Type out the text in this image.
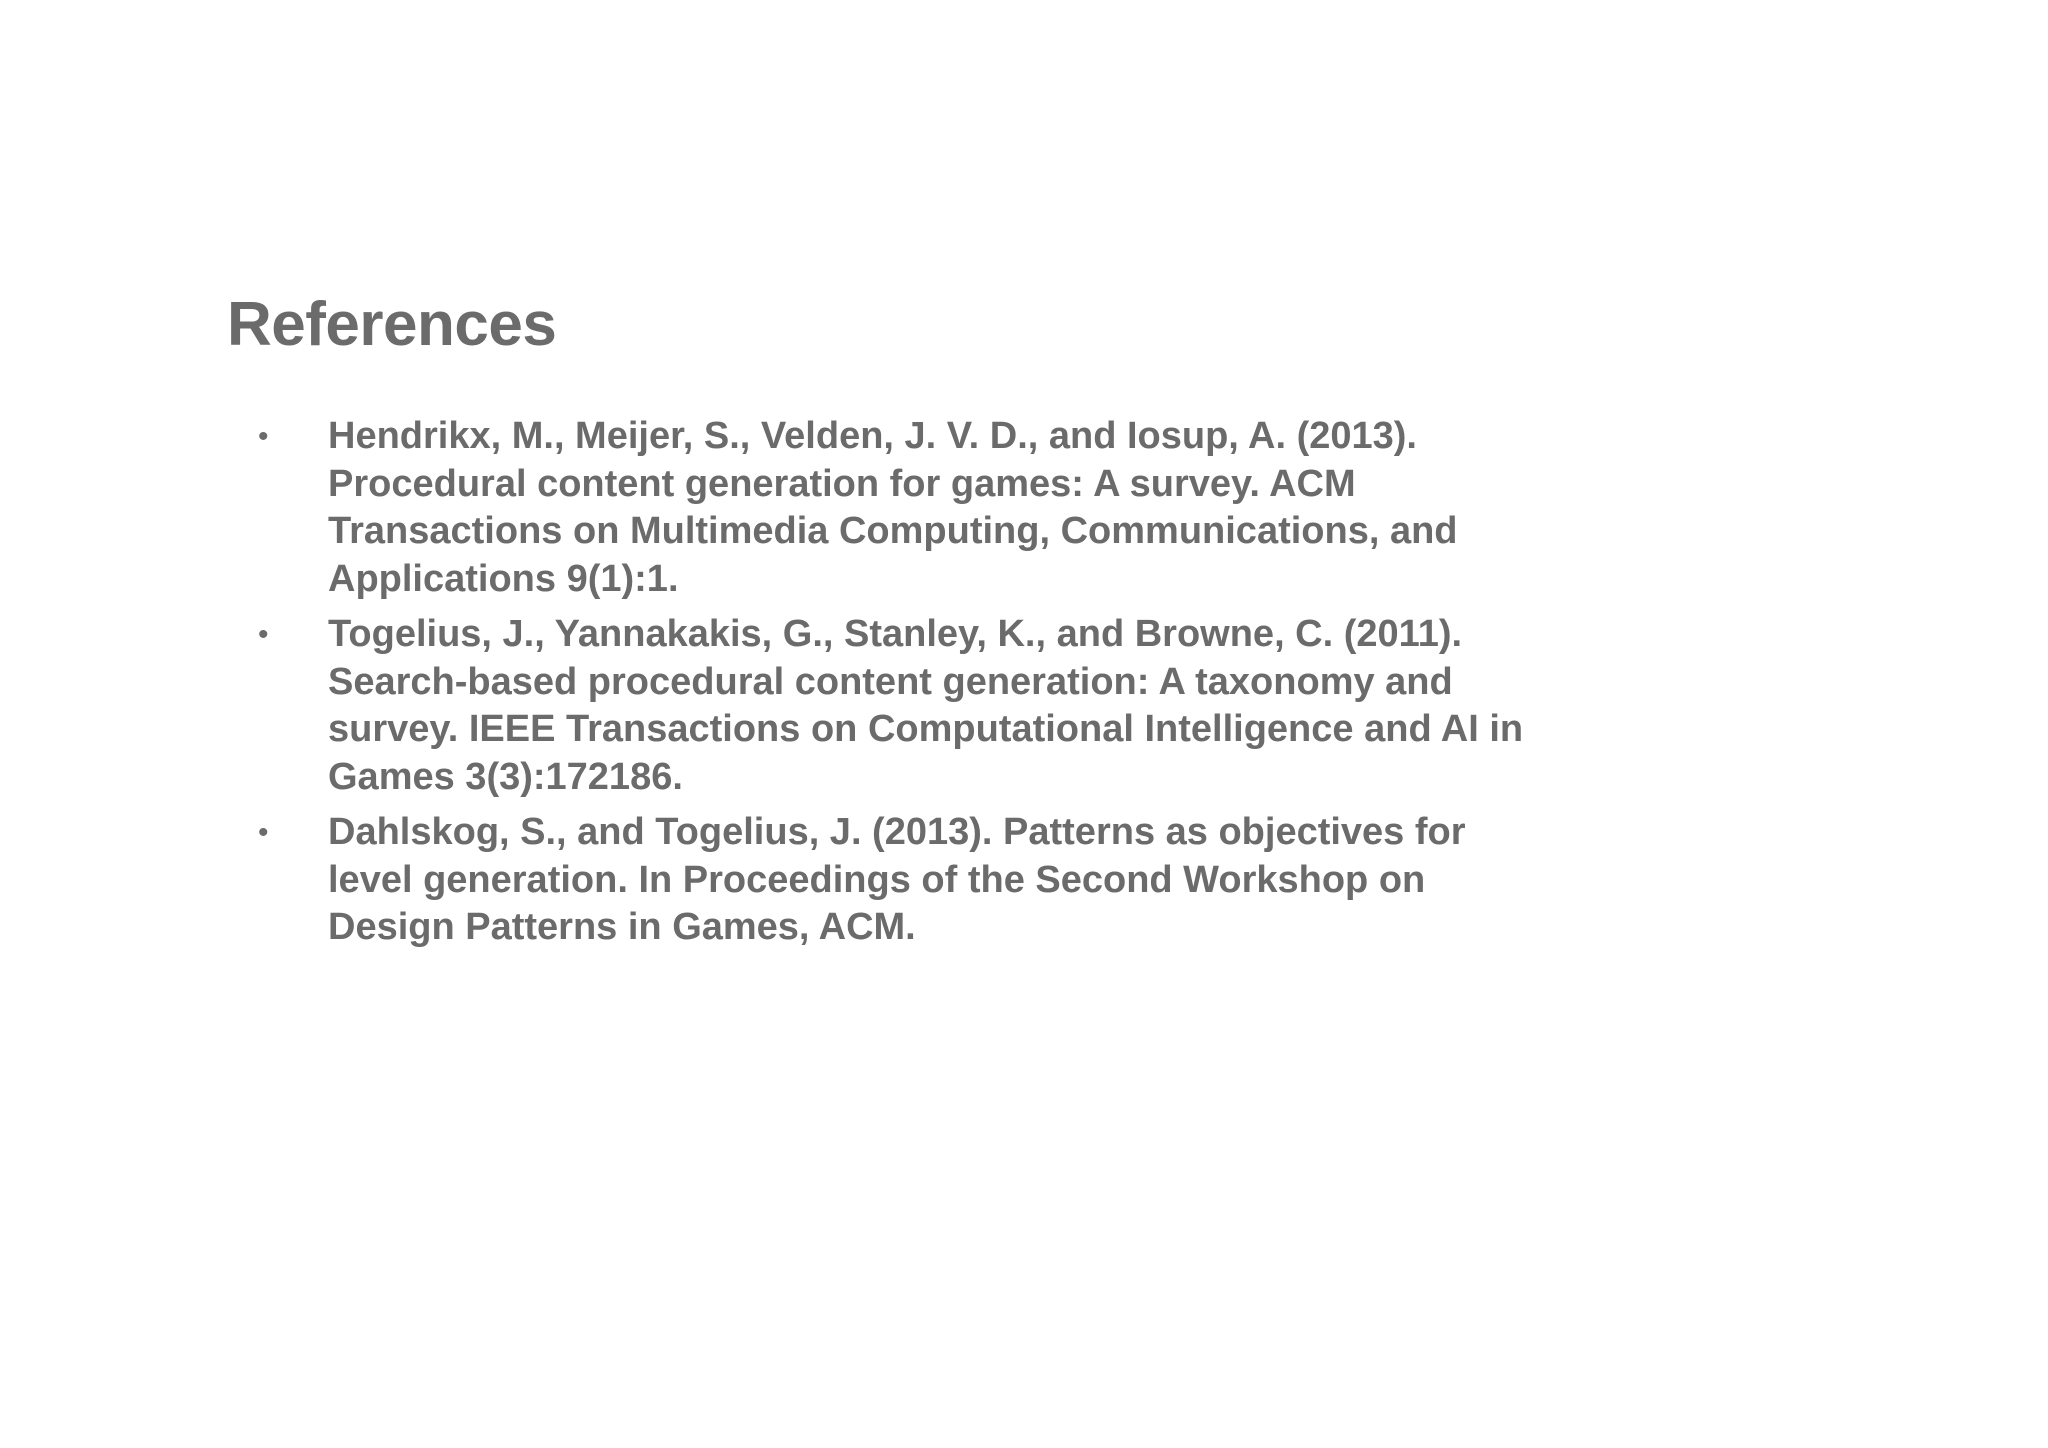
References
• Hendrikx, M., Meijer, S., Velden, J. V. D., and Iosup, A. (2013).
Procedural content generation for games: A survey. ACM
Transactions on Multimedia Computing, Communications, and
Applications 9(1):1.
• Togelius, J., Yannakakis, G., Stanley, K., and Browne, C. (2011).
Search-based procedural content generation: A taxonomy and
survey. IEEE Transactions on Computational Intelligence and AI in
Games 3(3):172186.
• Dahlskog, S., and Togelius, J. (2013). Patterns as objectives for
level generation. In Proceedings of the Second Workshop on
Design Patterns in Games, ACM.
